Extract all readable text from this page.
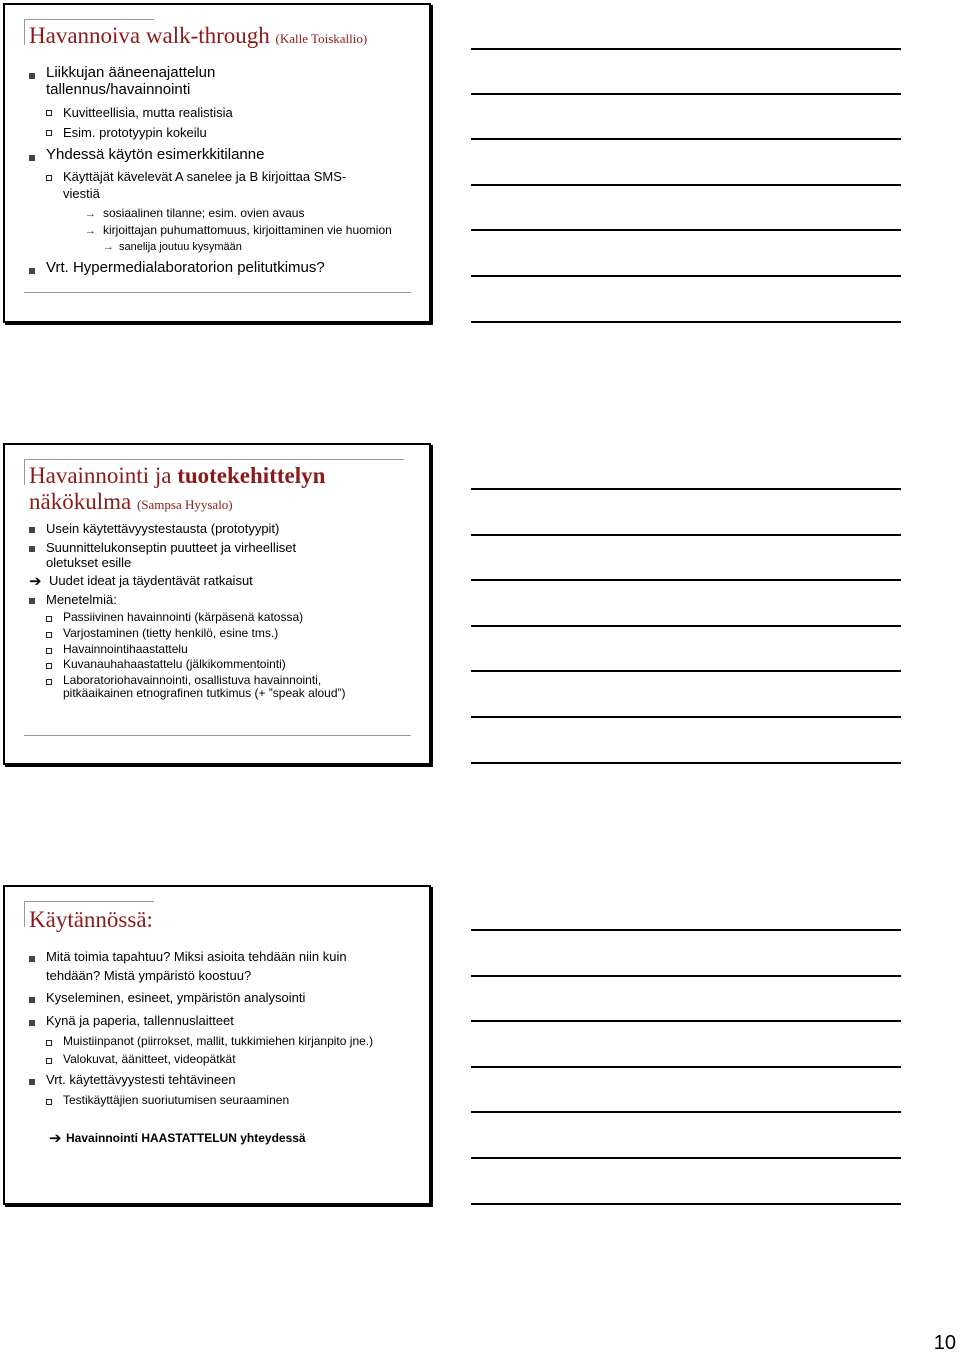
Havannoiva walk-through (Kalle Toiskallio)
Liikkujan ääneenajattelun
tallennus/havainnointi
Kuvitteellisia, mutta realistisia
Esim. prototyypin kokeilu
Yhdessä käytön esimerkkitilanne
Käyttäjät kävelevät A sanelee ja B kirjoittaa SMS-
viestiä
→ sosiaalinen tilanne; esim. ovien avaus
→ kirjoittajan puhumattomuus, kirjoittaminen vie huomion
→ sanelija joutuu kysymään
Vrt. Hypermedialaboratorion pelitutkimus?
Havainnointi ja tuotekehittelyn
näkökulma (Sampsa Hyysalo)
Usein käytettävyystestausta (prototyypit)
Suunnittelukonseptin puutteet ja virheelliset
oletukset esille
➔ Uudet ideat ja täydentävät ratkaisut
Menetelmiä:
Passiivinen havainnointi (kärpäsenä katossa)
Varjostaminen (tietty henkilö, esine tms.)
Havainnointihaastattelu
Kuvanauhahaastattelu (jälkikommentointi)
Laboratoriohavainnointi, osallistuva havainnointi,
pitkäaikainen etnografinen tutkimus (+ ”speak aloud”)
Käytännössä:
Mitä toimia tapahtuu? Miksi asioita tehdään niin kuin
tehdään? Mistä ympäristö koostuu?
Kyseleminen, esineet, ympäristön analysointi
Kynä ja paperia, tallennuslaitteet
Muistiinpanot (piirrokset, mallit, tukkimiehen kirjanpito jne.)
Valokuvat, äänitteet, videopätkät
Vrt. käytettävyystesti tehtävineen
Testikäyttäjien suoriutumisen seuraaminen
➔ Havainnointi HAASTATTELUN yhteydessä
10
